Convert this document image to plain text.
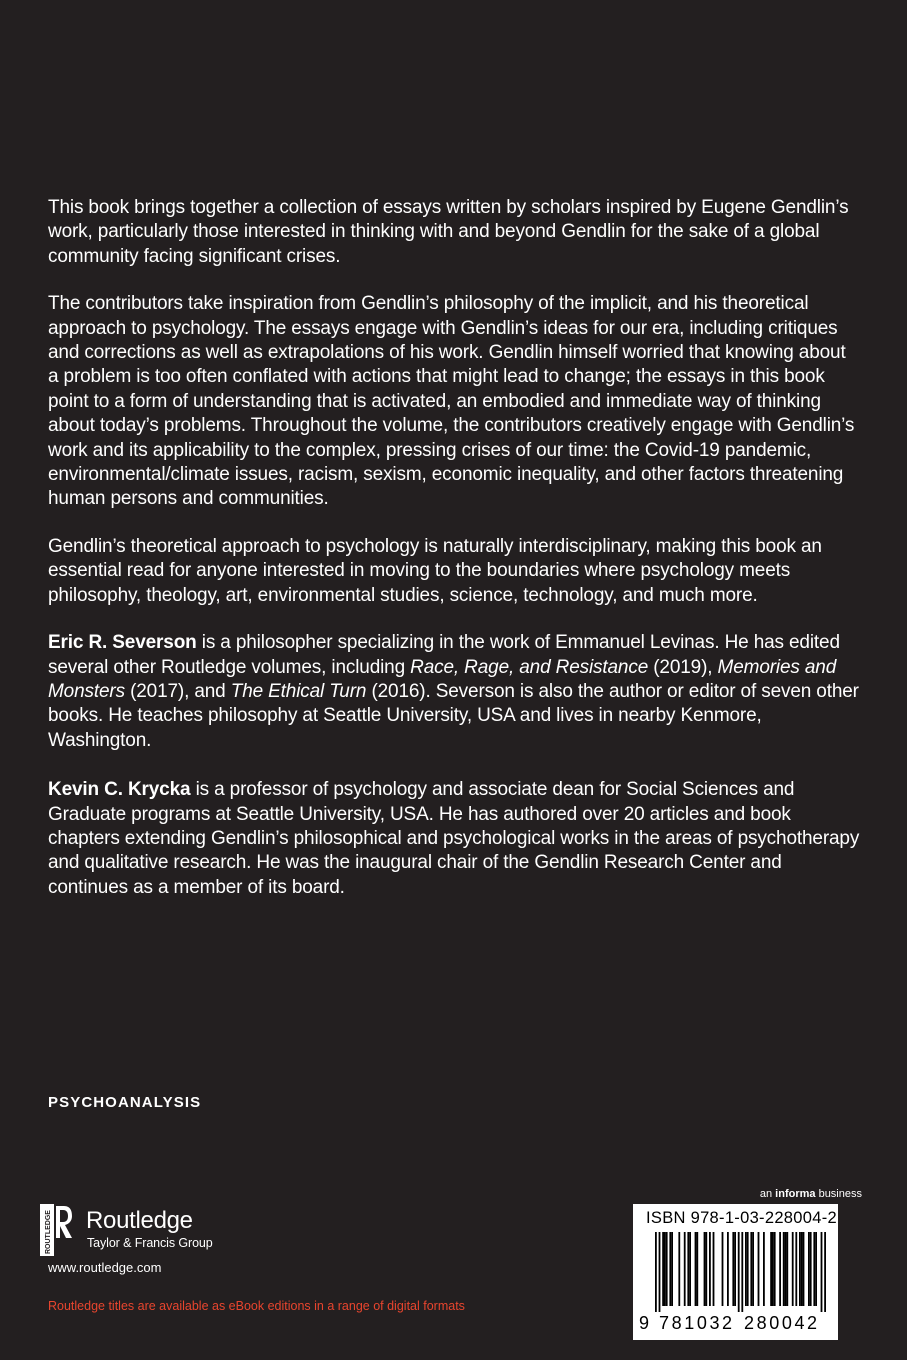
This book brings together a collection of essays written by scholars inspired by Eugene Gendlin’s work, particularly those interested in thinking with and beyond Gendlin for the sake of a global community facing significant crises.

The contributors take inspiration from Gendlin’s philosophy of the implicit, and his theoretical approach to psychology. The essays engage with Gendlin’s ideas for our era, including critiques and corrections as well as extrapolations of his work. Gendlin himself worried that knowing about a problem is too often conflated with actions that might lead to change; the essays in this book point to a form of understanding that is activated, an embodied and immediate way of thinking about today’s problems. Throughout the volume, the contributors creatively engage with Gendlin’s work and its applicability to the complex, pressing crises of our time: the Covid-19 pandemic, environmental/climate issues, racism, sexism, economic inequality, and other factors threatening human persons and communities.

Gendlin’s theoretical approach to psychology is naturally interdisciplinary, making this book an essential read for anyone interested in moving to the boundaries where psychology meets philosophy, theology, art, environmental studies, science, technology, and much more.

Eric R. Severson is a philosopher specializing in the work of Emmanuel Levinas. He has edited several other Routledge volumes, including Race, Rage, and Resistance (2019), Memories and Monsters (2017), and The Ethical Turn (2016). Severson is also the author or editor of seven other books. He teaches philosophy at Seattle University, USA and lives in nearby Kenmore, Washington.

Kevin C. Krycka is a professor of psychology and associate dean for Social Sciences and Graduate programs at Seattle University, USA. He has authored over 20 articles and book chapters extending Gendlin’s philosophical and psychological works in the areas of psychotherapy and qualitative research. He was the inaugural chair of the Gendlin Research Center and continues as a member of its board.

PSYCHOANALYSIS
ROUTLEDGE Routledge
Taylor & Francis Group
www.routledge.com
Routledge titles are available as eBook editions in a range of digital formats
an informa business
ISBN 978-1-03-228004-2
9 781032 280042
